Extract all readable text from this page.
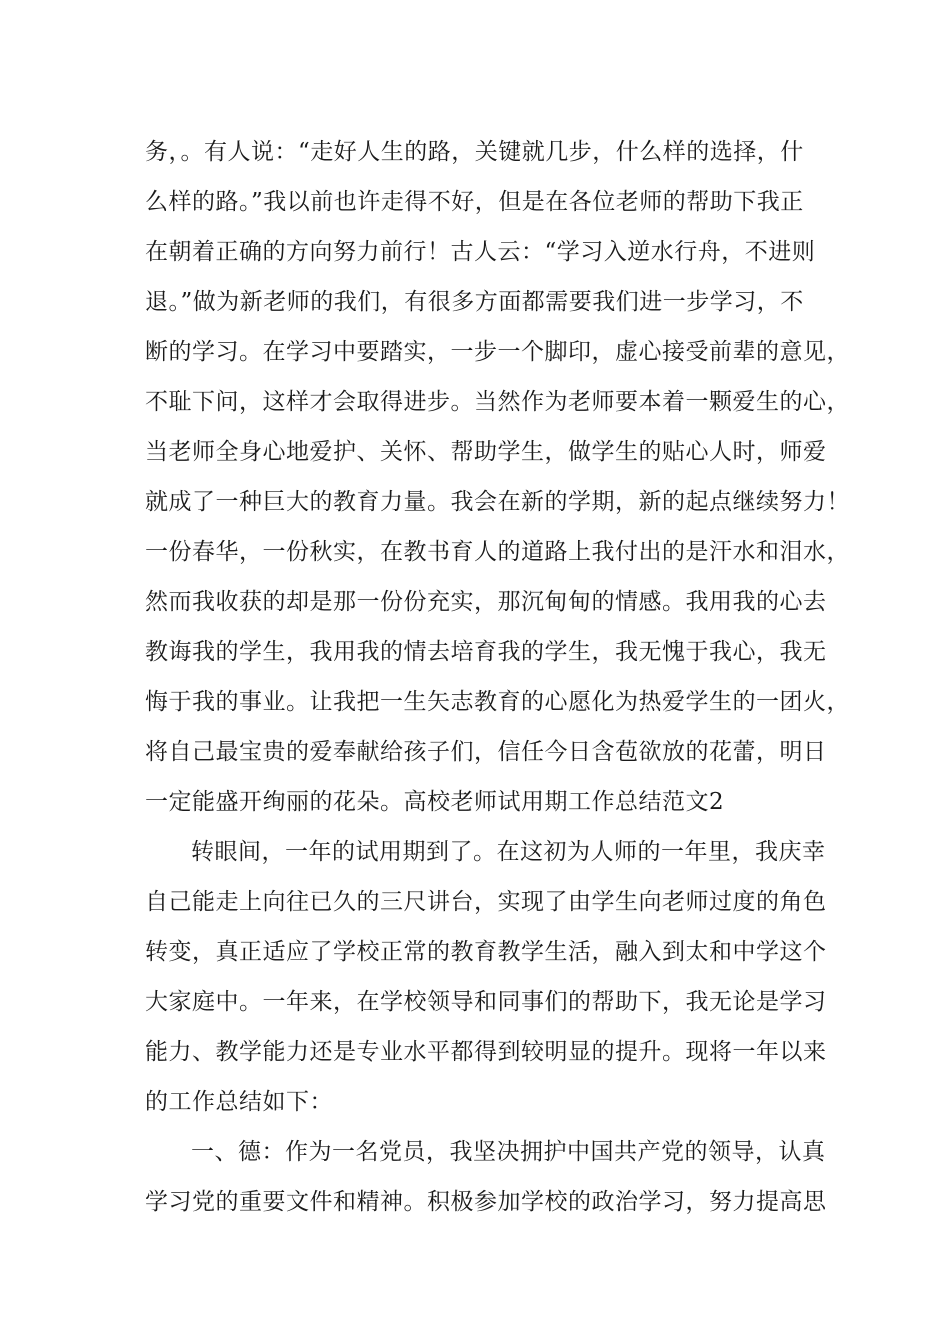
务，。有人说：“走好人生的路，关键就几步，什么样的选择，什
么样的路。”我以前也许走得不好，但是在各位老师的帮助下我正
在朝着正确的方向努力前行！古人云：“学习入逆水行舟，不进则
退。”做为新老师的我们，有很多方面都需要我们进一步学习，不
断的学习。在学习中要踏实，一步一个脚印，虚心接受前辈的意见，
不耻下问，这样才会取得进步。当然作为老师要本着一颗爱生的心，
当老师全身心地爱护、关怀、帮助学生，做学生的贴心人时，师爱
就成了一种巨大的教育力量。我会在新的学期，新的起点继续努力！
一份春华，一份秋实，在教书育人的道路上我付出的是汗水和泪水，
然而我收获的却是那一份份充实，那沉甸甸的情感。我用我的心去
教诲我的学生，我用我的情去培育我的学生，我无愧于我心，我无
悔于我的事业。让我把一生矢志教育的心愿化为热爱学生的一团火，
将自己最宝贵的爱奉献给孩子们，信任今日含苞欲放的花蕾，明日
一定能盛开绚丽的花朵。高校老师试用期工作总结范文2
转眼间，一年的试用期到了。在这初为人师的一年里，我庆幸
自己能走上向往已久的三尺讲台，实现了由学生向老师过度的角色
转变，真正适应了学校正常的教育教学生活，融入到太和中学这个
大家庭中。一年来，在学校领导和同事们的帮助下，我无论是学习
能力、教学能力还是专业水平都得到较明显的提升。现将一年以来
的工作总结如下：
一、德：作为一名党员，我坚决拥护中国共产党的领导，认真
学习党的重要文件和精神。积极参加学校的政治学习，努力提高思
